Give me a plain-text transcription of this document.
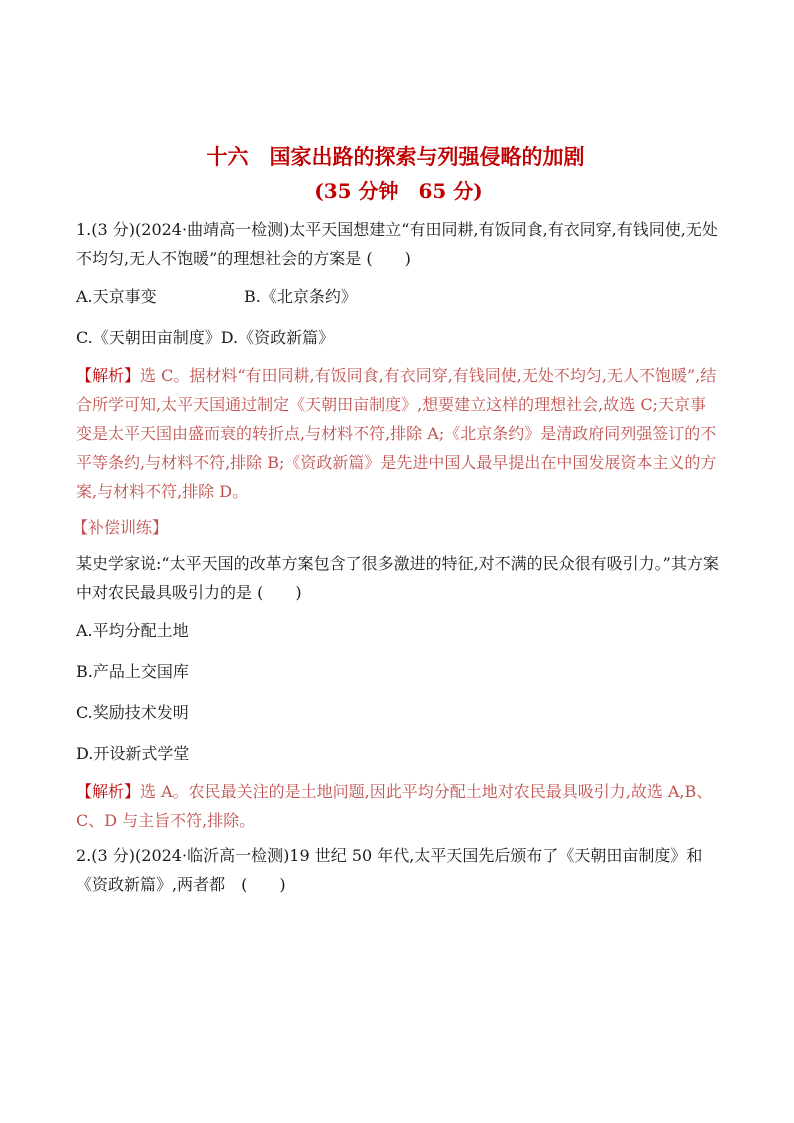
十六　国家出路的探索与列强侵略的加剧
(35 分钟　65 分)

1.(3 分)(2024·曲靖高一检测)太平天国想建立“有田同耕,有饭同食,有衣同穿,有钱同使,无处不均匀,无人不饱暖”的理想社会的方案是 (　　)

A.天京事变	B.《北京条约》

C.《天朝田亩制度》 D.《资政新篇》

【解析】选 C。据材料“有田同耕,有饭同食,有衣同穿,有钱同使,无处不均匀,无人不饱暖”,结合所学可知,太平天国通过制定《天朝田亩制度》,想要建立这样的理想社会,故选 C;天京事变是太平天国由盛而衰的转折点,与材料不符,排除 A;《北京条约》是清政府同列强签订的不平等条约,与材料不符,排除 B;《资政新篇》是先进中国人最早提出在中国发展资本主义的方案,与材料不符,排除 D。

【补偿训练】

某史学家说:“太平天国的改革方案包含了很多激进的特征,对不满的民众很有吸引力。”其方案中对农民最具吸引力的是 (　　)

A.平均分配土地

B.产品上交国库

C.奖励技术发明

D.开设新式学堂

【解析】选 A。农民最关注的是土地问题,因此平均分配土地对农民最具吸引力,故选 A,B、C、D 与主旨不符,排除。

2.(3 分)(2024·临沂高一检测)19 世纪 50 年代,太平天国先后颁布了《天朝田亩制度》和《资政新篇》,两者都　(　　)
